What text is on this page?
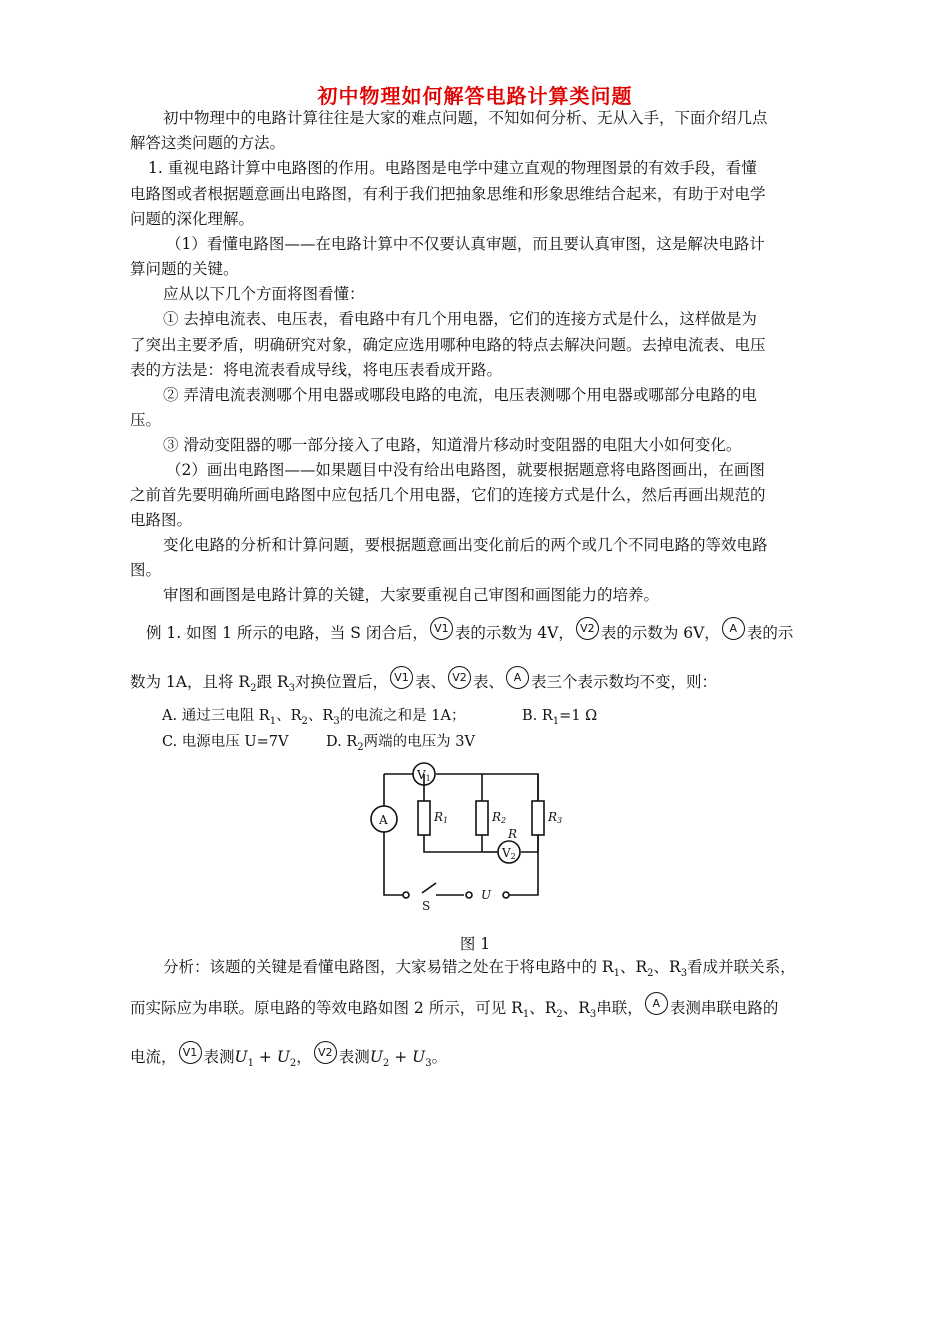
初中物理如何解答电路计算类问题
初中物理中的电路计算往往是大家的难点问题，不知如何分析、无从入手，下面介绍几点
解答这类问题的方法。
1. 重视电路计算中电路图的作用。电路图是电学中建立直观的物理图景的有效手段，看懂
电路图或者根据题意画出电路图，有利于我们把抽象思维和形象思维结合起来，有助于对电学
问题的深化理解。
（1）看懂电路图——在电路计算中不仅要认真审题，而且要认真审图，这是解决电路计
算问题的关键。
应从以下几个方面将图看懂：
① 去掉电流表、电压表，看电路中有几个用电器，它们的连接方式是什么，这样做是为
了突出主要矛盾，明确研究对象，确定应选用哪种电路的特点去解决问题。去掉电流表、电压
表的方法是：将电流表看成导线，将电压表看成开路。
② 弄清电流表测哪个用电器或哪段电路的电流，电压表测哪个用电器或哪部分电路的电
压。
③ 滑动变阻器的哪一部分接入了电路，知道滑片移动时变阻器的电阻大小如何变化。
（2）画出电路图——如果题目中没有给出电路图，就要根据题意将电路图画出，在画图
之前首先要明确所画电路图中应包括几个用电器，它们的连接方式是什么，然后再画出规范的
电路图。
变化电路的分析和计算问题，要根据题意画出变化前后的两个或几个不同电路的等效电路
图。
审图和画图是电路计算的关键，大家要重视自己审图和画图能力的培养。
例 1. 如图 1 所示的电路，当 S 闭合后， V1 表的示数为 4V， V2 表的示数为 6V， A 表的示
数为 1A，且将 $R_2$跟 $R_3$对换位置后， V1 表、 V2 表、 A 表三个表示数均不变，则：
A. 通过三电阻 $R_1$、$R_2$、$R_3$的电流之和是 1A；	B. $R_1=1$ Ω
C. 电源电压 U=7V	D. $R_2$两端的电压为 3V
V1
A
V2
R1	R2	R3
R
S
U
图 1
分析：该题的关键是看懂电路图，大家易错之处在于将电路中的 $R_1$、$R_2$、$R_3$看成并联关系，
而实际应为串联。原电路的等效电路如图 2 所示，可见 $R_1$、$R_2$、$R_3$串联， A 表测串联电路的
电流， V1 表测$U_1 + U_2$， V2 表测$U_2 + U_3$。
